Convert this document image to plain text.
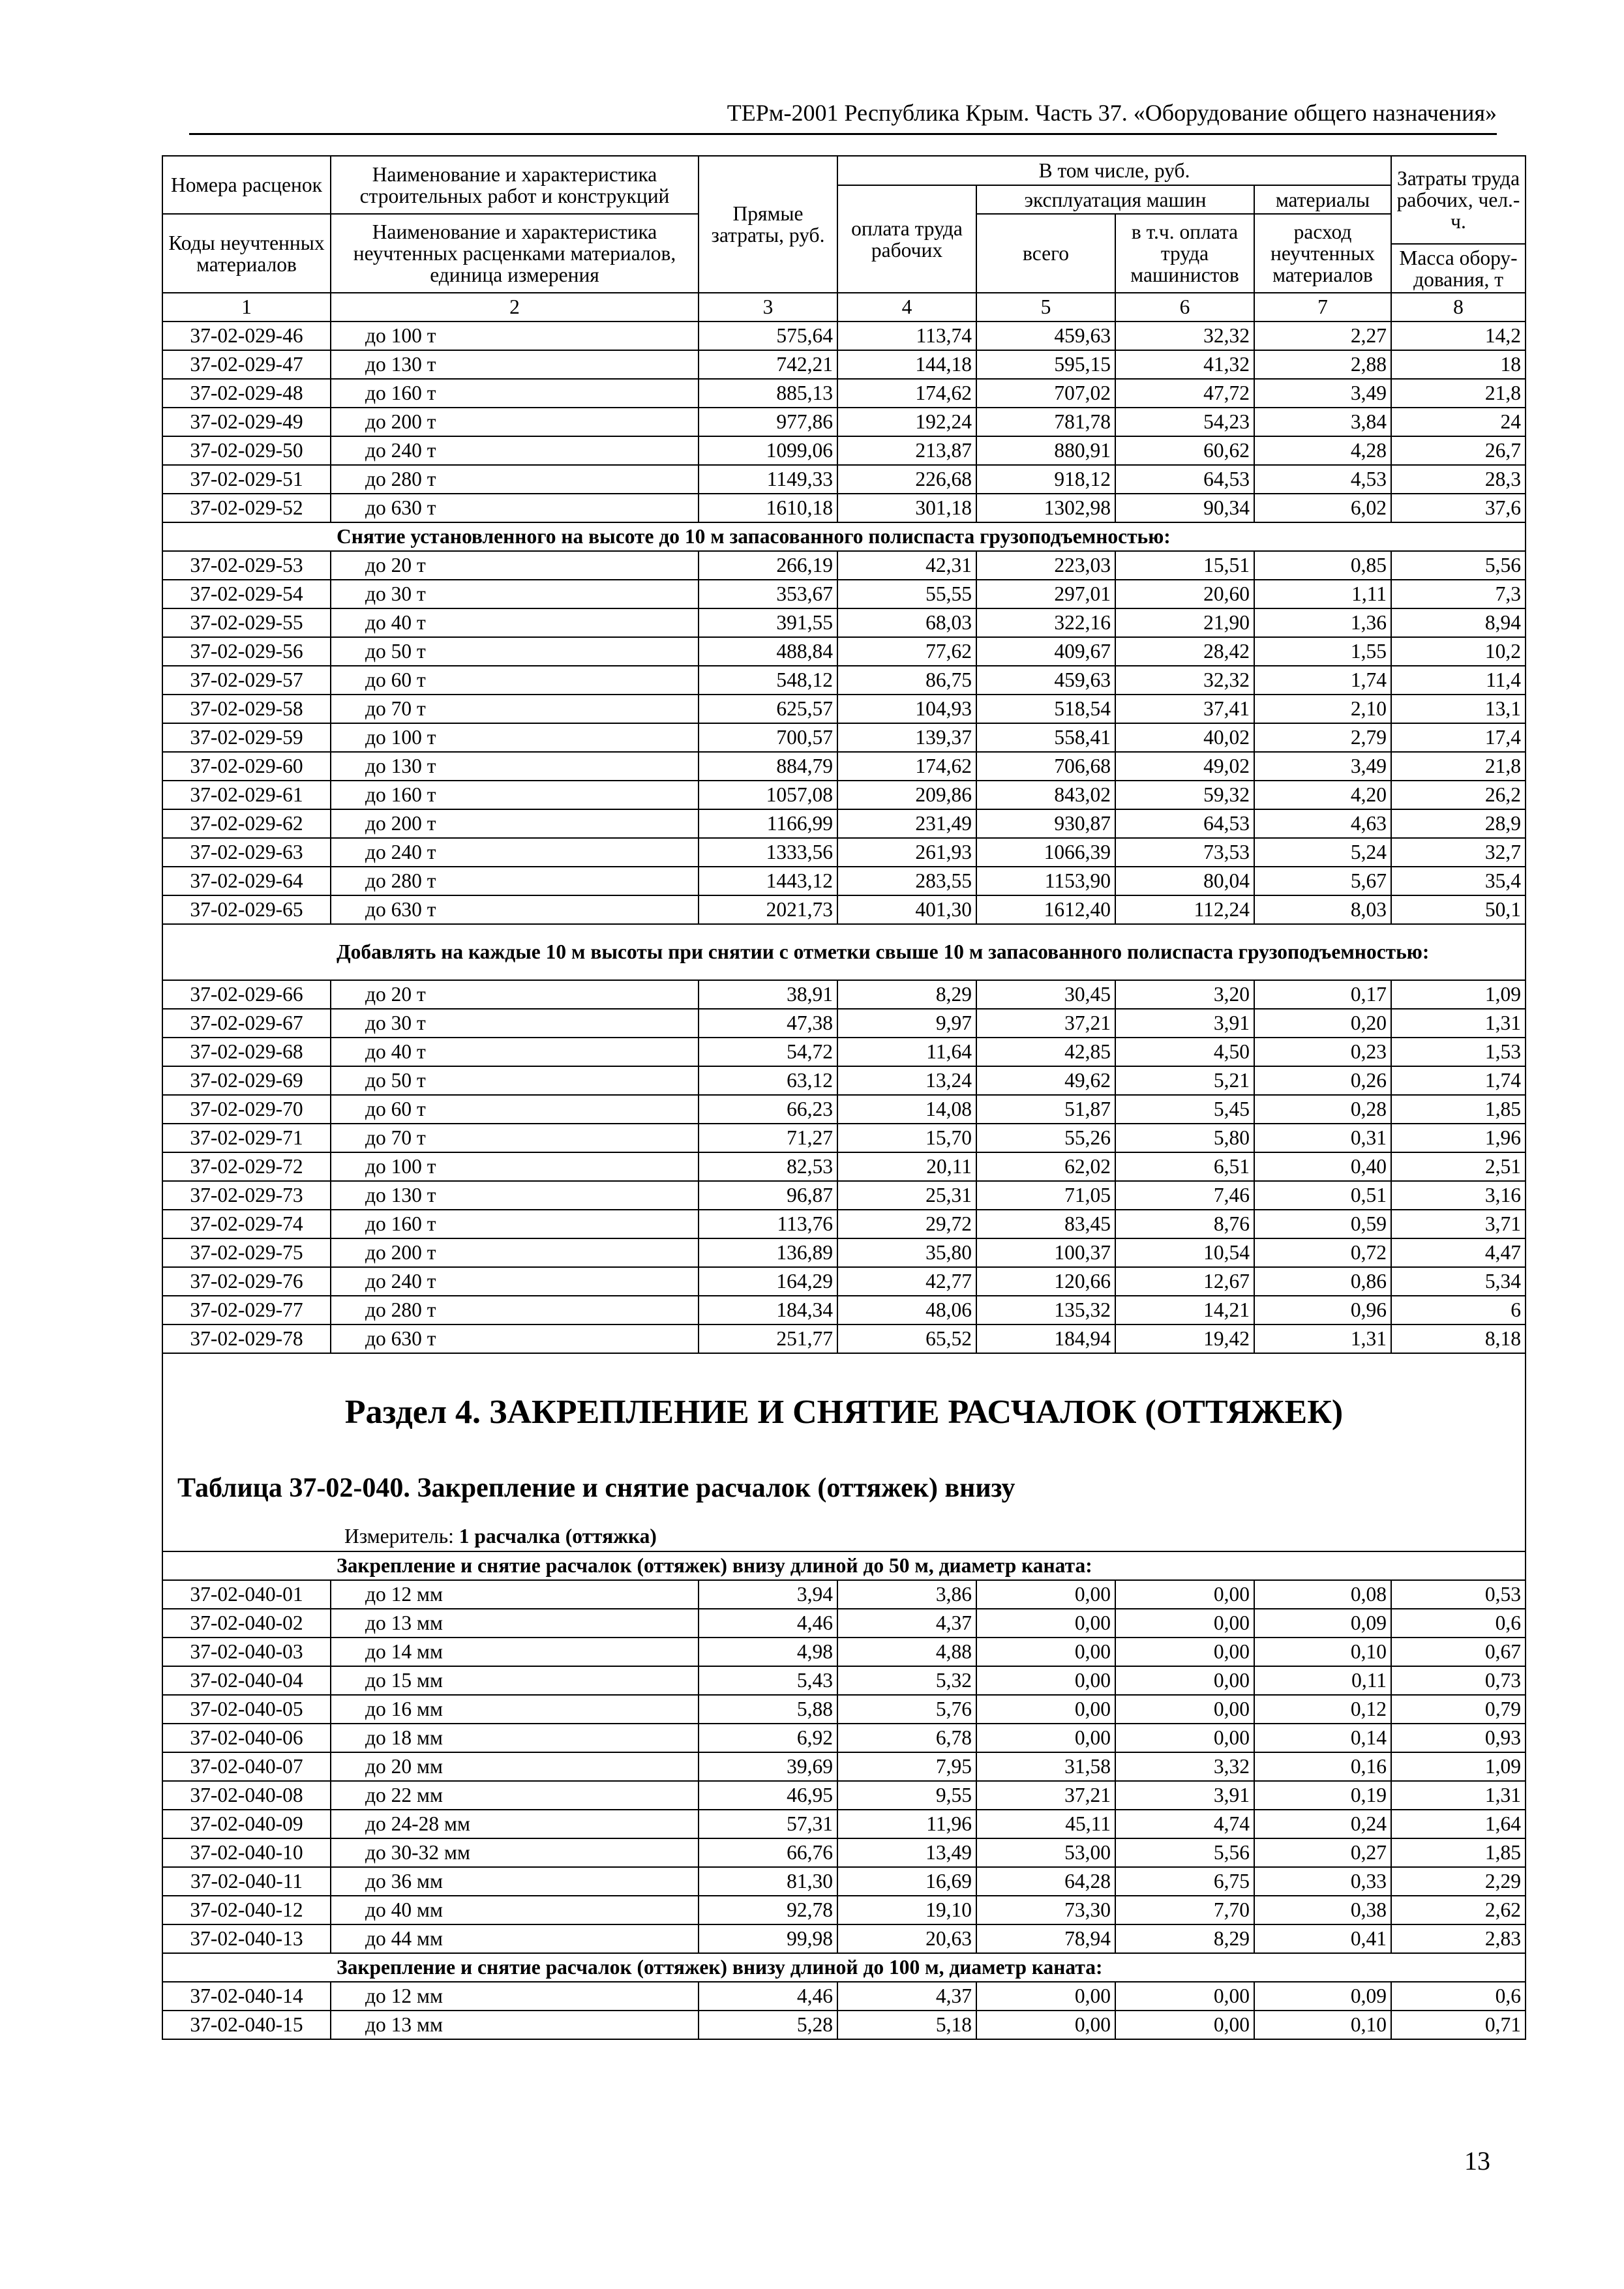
ТЕРм-2001 Республика Крым. Часть 37. «Оборудование общего назначения»
Номера расценок	Наименование и характеристика строительных работ и конструкций	Прямые затраты, руб.	В том числе, руб.				Затраты труда рабочих, чел.-ч.
			оплата труда рабочих	эксплуатация машин		материалы	
Коды неучтенных материалов	Наименование и характеристика неучтенных расценками материалов, единица измерения			всего	в т.ч. оплата труда машинистов	расход неучтенных материалов	

							Масса обору-дования, т
1	2	3	4	5	6	7	8
37-02-029-46	до 100 т	575,64	113,74	459,63	32,32	2,27	14,2
37-02-029-47	до 130 т	742,21	144,18	595,15	41,32	2,88	18
37-02-029-48	до 160 т	885,13	174,62	707,02	47,72	3,49	21,8
37-02-029-49	до 200 т	977,86	192,24	781,78	54,23	3,84	24
37-02-029-50	до 240 т	1099,06	213,87	880,91	60,62	4,28	26,7
37-02-029-51	до 280 т	1149,33	226,68	918,12	64,53	4,53	28,3
37-02-029-52	до 630 т	1610,18	301,18	1302,98	90,34	6,02	37,6
Снятие установленного на высоте до 10 м запасованного полиспаста грузоподъемностью:							
37-02-029-53	до 20 т	266,19	42,31	223,03	15,51	0,85	5,56
37-02-029-54	до 30 т	353,67	55,55	297,01	20,60	1,11	7,3
37-02-029-55	до 40 т	391,55	68,03	322,16	21,90	1,36	8,94
37-02-029-56	до 50 т	488,84	77,62	409,67	28,42	1,55	10,2
37-02-029-57	до 60 т	548,12	86,75	459,63	32,32	1,74	11,4
37-02-029-58	до 70 т	625,57	104,93	518,54	37,41	2,10	13,1
37-02-029-59	до 100 т	700,57	139,37	558,41	40,02	2,79	17,4
37-02-029-60	до 130 т	884,79	174,62	706,68	49,02	3,49	21,8
37-02-029-61	до 160 т	1057,08	209,86	843,02	59,32	4,20	26,2
37-02-029-62	до 200 т	1166,99	231,49	930,87	64,53	4,63	28,9
37-02-029-63	до 240 т	1333,56	261,93	1066,39	73,53	5,24	32,7
37-02-029-64	до 280 т	1443,12	283,55	1153,90	80,04	5,67	35,4
37-02-029-65	до 630 т	2021,73	401,30	1612,40	112,24	8,03	50,1
Добавлять на каждые 10 м высоты при снятии с отметки свыше 10 м запасованного полиспаста грузоподъемностью:							
37-02-029-66	до 20 т	38,91	8,29	30,45	3,20	0,17	1,09
37-02-029-67	до 30 т	47,38	9,97	37,21	3,91	0,20	1,31
37-02-029-68	до 40 т	54,72	11,64	42,85	4,50	0,23	1,53
37-02-029-69	до 50 т	63,12	13,24	49,62	5,21	0,26	1,74
37-02-029-70	до 60 т	66,23	14,08	51,87	5,45	0,28	1,85
37-02-029-71	до 70 т	71,27	15,70	55,26	5,80	0,31	1,96
37-02-029-72	до 100 т	82,53	20,11	62,02	6,51	0,40	2,51
37-02-029-73	до 130 т	96,87	25,31	71,05	7,46	0,51	3,16
37-02-029-74	до 160 т	113,76	29,72	83,45	8,76	0,59	3,71
37-02-029-75	до 200 т	136,89	35,80	100,37	10,54	0,72	4,47
37-02-029-76	до 240 т	164,29	42,77	120,66	12,67	0,86	5,34
37-02-029-77	до 280 т	184,34	48,06	135,32	14,21	0,96	6
37-02-029-78	до 630 т	251,77	65,52	184,94	19,42	1,31	8,18

Раздел 4. ЗАКРЕПЛЕНИЕ И СНЯТИЕ РАСЧАЛОК (ОТТЯЖЕК)
Таблица 37-02-040. Закрепление и снятие расчалок (оттяжек) внизу							

Измеритель: 1 расчалка (оттяжка)							
Закрепление и снятие расчалок (оттяжек) внизу длиной до 50 м, диаметр каната:							
37-02-040-01	до 12 мм	3,94	3,86	0,00	0,00	0,08	0,53
37-02-040-02	до 13 мм	4,46	4,37	0,00	0,00	0,09	0,6
37-02-040-03	до 14 мм	4,98	4,88	0,00	0,00	0,10	0,67
37-02-040-04	до 15 мм	5,43	5,32	0,00	0,00	0,11	0,73
37-02-040-05	до 16 мм	5,88	5,76	0,00	0,00	0,12	0,79
37-02-040-06	до 18 мм	6,92	6,78	0,00	0,00	0,14	0,93
37-02-040-07	до 20 мм	39,69	7,95	31,58	3,32	0,16	1,09
37-02-040-08	до 22 мм	46,95	9,55	37,21	3,91	0,19	1,31
37-02-040-09	до 24-28 мм	57,31	11,96	45,11	4,74	0,24	1,64
37-02-040-10	до 30-32 мм	66,76	13,49	53,00	5,56	0,27	1,85
37-02-040-11	до 36 мм	81,30	16,69	64,28	6,75	0,33	2,29
37-02-040-12	до 40 мм	92,78	19,10	73,30	7,70	0,38	2,62
37-02-040-13	до 44 мм	99,98	20,63	78,94	8,29	0,41	2,83
Закрепление и снятие расчалок (оттяжек) внизу длиной до 100 м, диаметр каната:							
37-02-040-14	до 12 мм	4,46	4,37	0,00	0,00	0,09	0,6
37-02-040-15	до 13 мм	5,28	5,18	0,00	0,00	0,10	0,71
13
